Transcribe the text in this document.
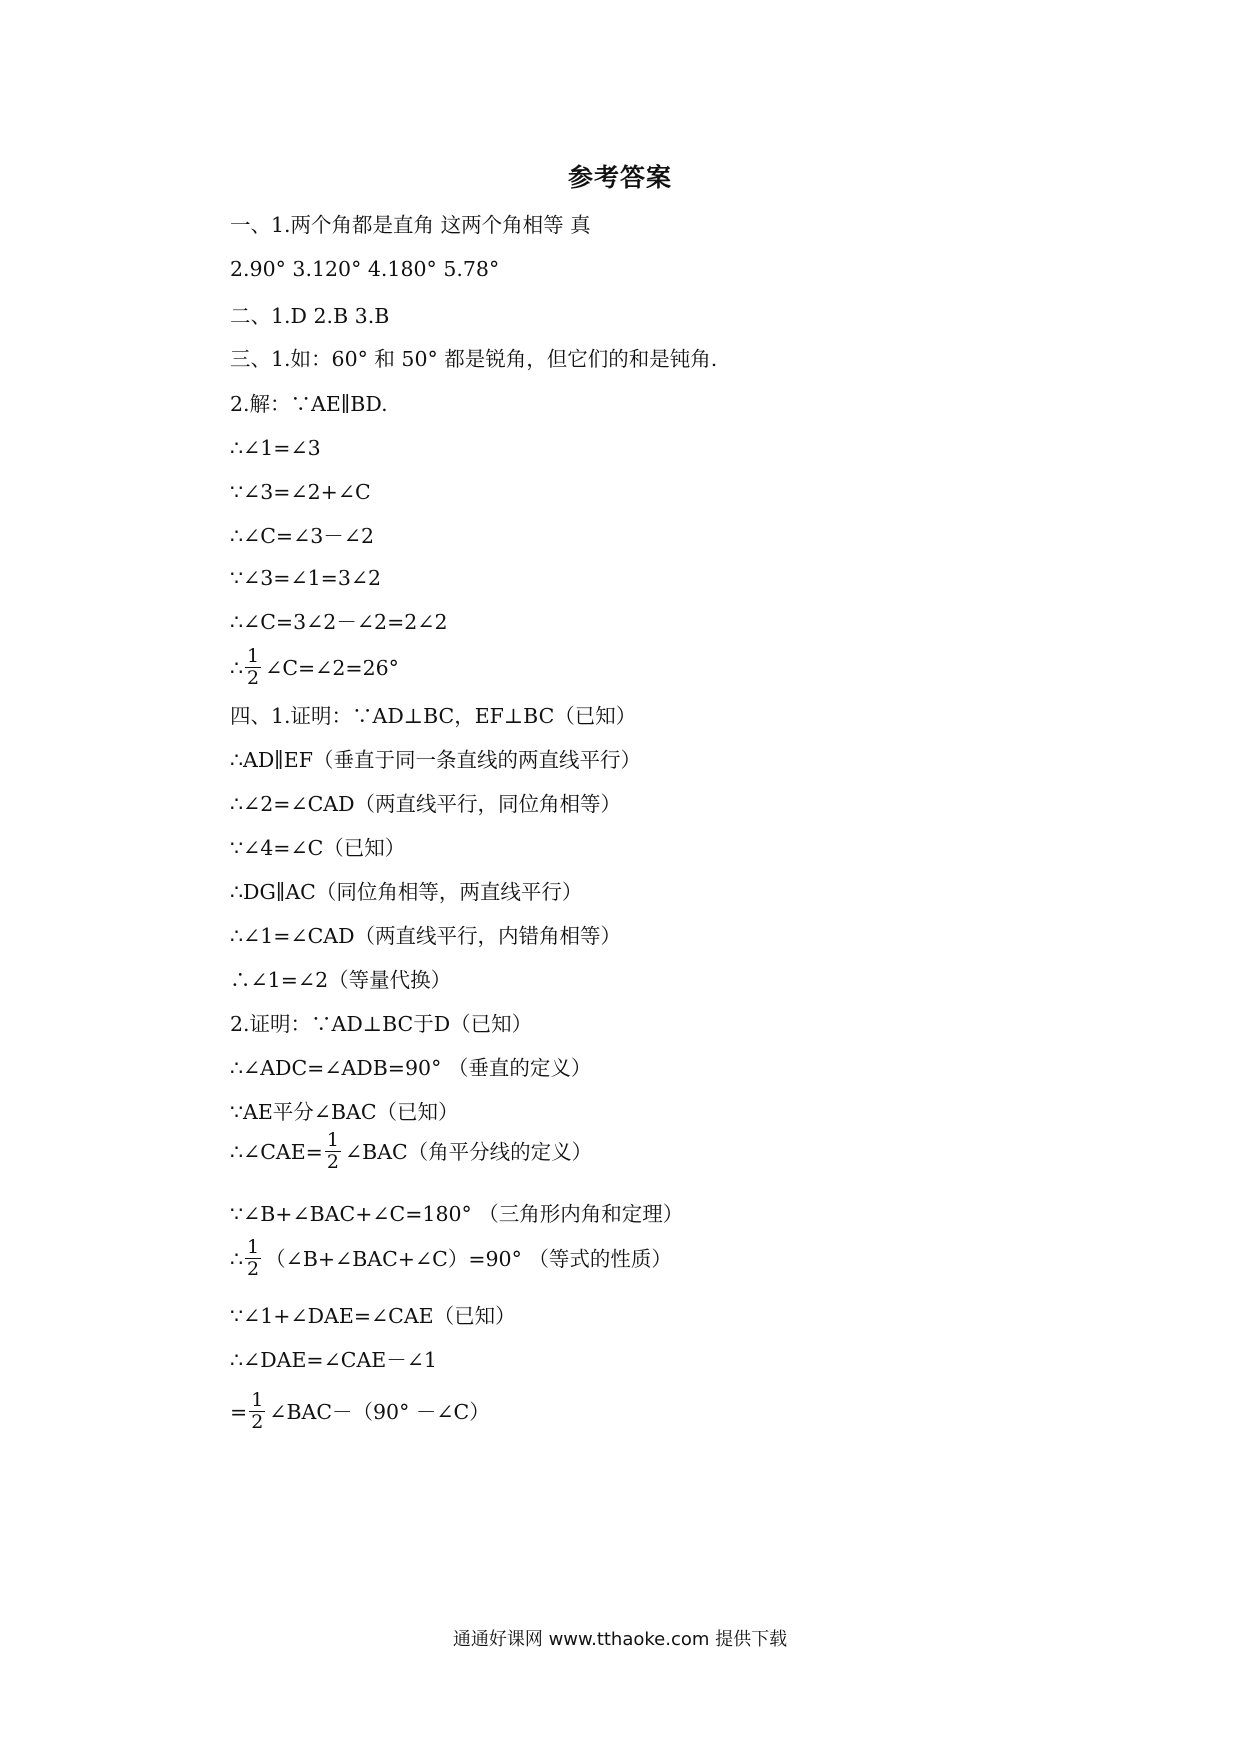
参考答案
一、1.两个角都是直角 这两个角相等 真
2.90° 3.120° 4.180° 5.78°
二、1.D 2.B 3.B
三、1.如：60° 和 50° 都是锐角，但它们的和是钝角.
2.解：∵AE∥BD.
∴∠1=∠3
∵∠3=∠2+∠C
∴∠C=∠3－∠2
∵∠3=∠1=3∠2
∴∠C=3∠2－∠2=2∠2
∴ $\frac{1}{2}$ ∠C=∠2=26°
四、1.证明：∵AD⊥BC，EF⊥BC（已知）
∴AD∥EF（垂直于同一条直线的两直线平行）
∴∠2=∠CAD（两直线平行，同位角相等）
∵∠4=∠C（已知）
∴DG∥AC（同位角相等，两直线平行）
∴∠1=∠CAD（两直线平行，内错角相等）
∴∠1=∠2（等量代换）
2.证明：∵AD⊥BC于D（已知）
∴∠ADC=∠ADB=90° （垂直的定义）
∵AE平分∠BAC（已知）
∴∠CAE= $\frac{1}{2}$ ∠BAC（角平分线的定义）
∵∠B+∠BAC+∠C=180° （三角形内角和定理）
∴ $\frac{1}{2}$ （∠B+∠BAC+∠C）=90° （等式的性质）
∵∠1+∠DAE=∠CAE（已知）
∴∠DAE=∠CAE－∠1
= $\frac{1}{2}$ ∠BAC－（90° －∠C）
通通好课网 www.tthaoke.com 提供下载
